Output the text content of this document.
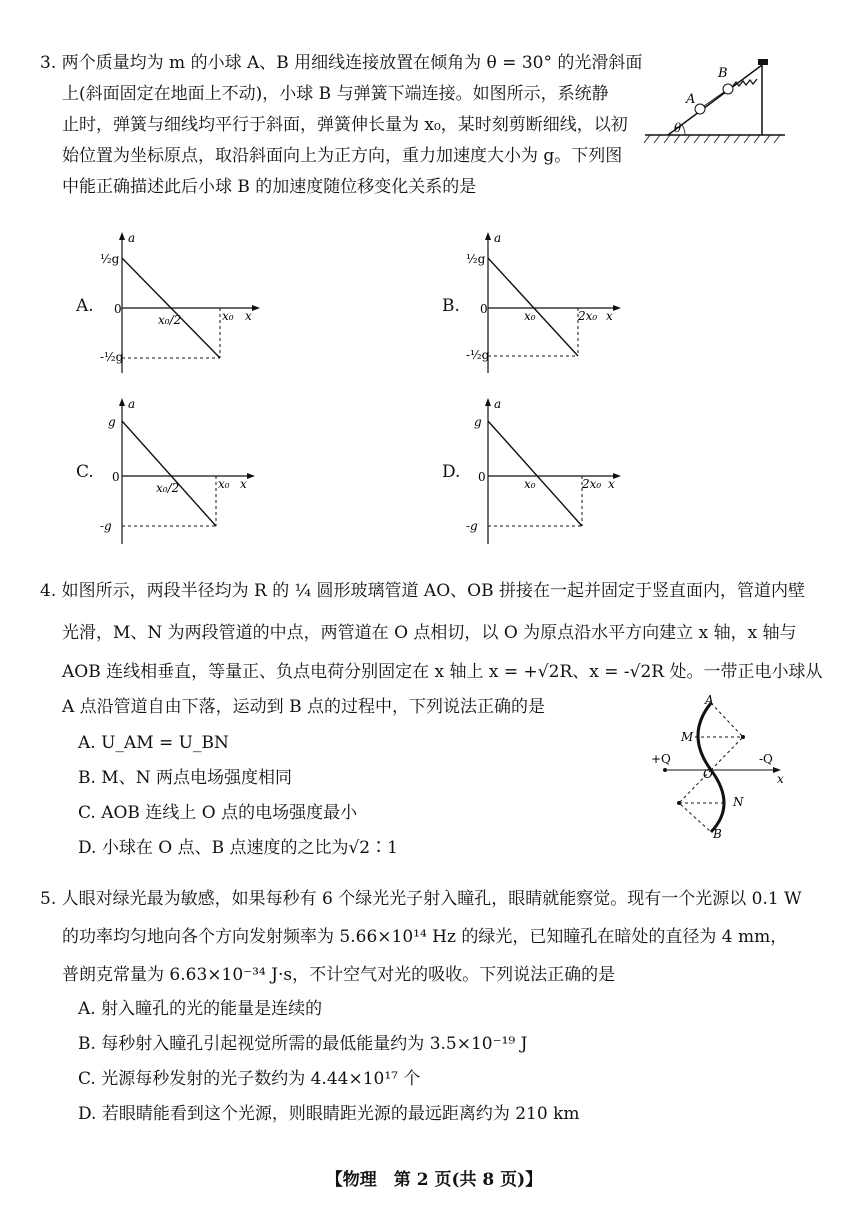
3. 两个质量均为 m 的小球 A、B 用细线连接放置在倾角为 θ = 30° 的光滑斜面

上(斜面固定在地面上不动)，小球 B 与弹簧下端连接。如图所示，系统静

止时，弹簧与细线均平行于斜面，弹簧伸长量为 x₀，某时刻剪断细线，以初

始位置为坐标原点，取沿斜面向上为正方向，重力加速度大小为 g。下列图

中能正确描述此后小球 B 的加速度随位移变化关系的是

B
A
θ
A.	B.
C.	D.
a
½g
0
-½g
x₀/2	x₀ x
a
½g
0
-½g
x₀	2x₀ x
a
g
0
-g
x₀/2	x₀ x
a
g
0
-g
x₀	2x₀ x

4. 如图所示，两段半径均为 R 的 ¼ 圆形玻璃管道 AO、OB 拼接在一起并固定于竖直面内，管道内壁

光滑，M、N 为两段管道的中点，两管道在 O 点相切，以 O 为原点沿水平方向建立 x 轴，x 轴与

AOB 连线相垂直，等量正、负点电荷分别固定在 x 轴上 x = +√2R、x = -√2R 处。一带正电小球从

A 点沿管道自由下落，运动到 B 点的过程中，下列说法正确的是

A. U_AM = U_BN

B. M、N 两点电场强度相同

C. AOB 连线上 O 点的电场强度最小

D. 小球在 O 点、B 点速度的之比为√2∶1

A
M
O
N
B
+Q	-Q
x

5. 人眼对绿光最为敏感，如果每秒有 6 个绿光光子射入瞳孔，眼睛就能察觉。现有一个光源以 0.1 W

的功率均匀地向各个方向发射频率为 5.66×10¹⁴ Hz 的绿光，已知瞳孔在暗处的直径为 4 mm，

普朗克常量为 6.63×10⁻³⁴ J·s，不计空气对光的吸收。下列说法正确的是

A. 射入瞳孔的光的能量是连续的

B. 每秒射入瞳孔引起视觉所需的最低能量约为 3.5×10⁻¹⁹ J

C. 光源每秒发射的光子数约为 4.44×10¹⁷ 个

D. 若眼睛能看到这个光源，则眼睛距光源的最远距离约为 210 km

【物理　第 2 页(共 8 页)】
